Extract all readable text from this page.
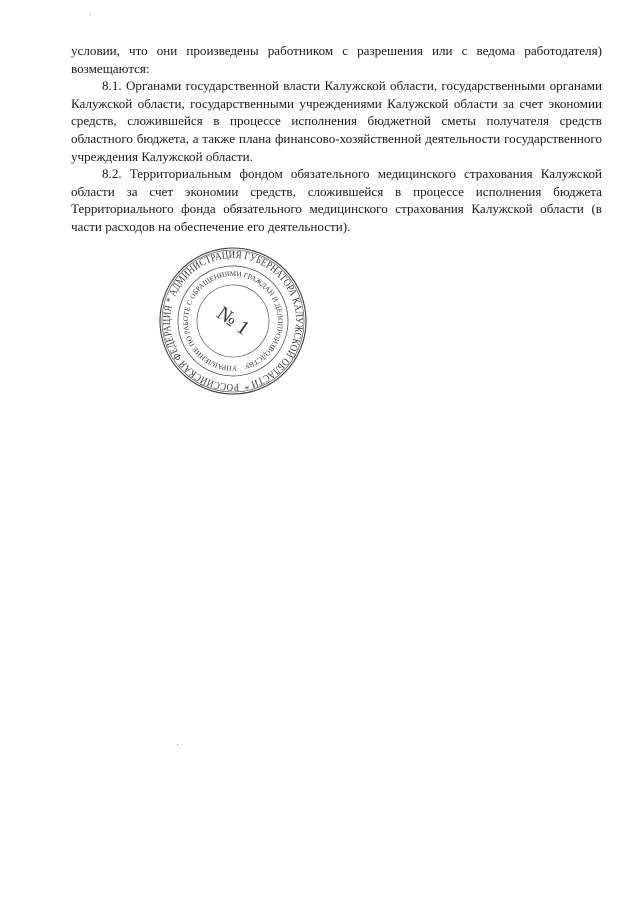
условии, что они произведены работником с разрешения или с ведома работодателя) возмещаются:

8.1. Органами государственной власти Калужской области, государственными органами Калужской области, государственными учреждениями Калужской области за счет экономии средств, сложившейся в процессе исполнения бюджетной сметы получателя средств областного бюджета, а также плана финансово-хозяйственной деятельности государственного учреждения Калужской области.

8.2. Территориальным фондом обязательного медицинского страхования Калужской области за счет экономии средств, сложившейся в процессе исполнения бюджета Территориального фонда обязательного медицинского страхования Калужской области (в части расходов на обеспечение его деятельности).

РОССИЙСКАЯ ФЕДЕРАЦИЯ * АДМИНИСТРАЦИЯ ГУБЕРНАТОРА КАЛУЖСКОЙ ОБЛАСТИ *
УПРАВЛЕНИЕ ПО РАБОТЕ С ОБРАЩЕНИЯМИ ГРАЖДАН И ДЕЛОПРОИЗВОДСТВУ
№ 1
